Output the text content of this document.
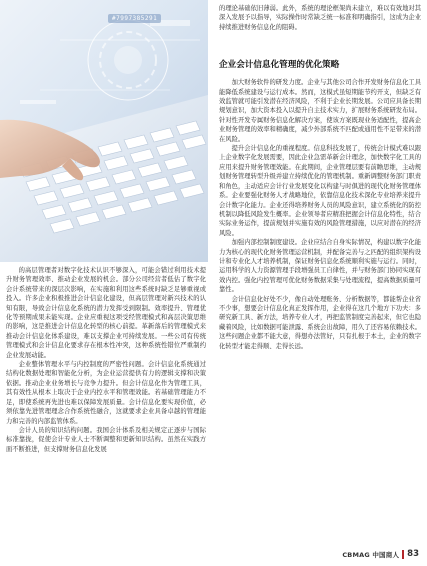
#7997385291

的高层管理者对数字化技术认识不够深入，可能会错过利用技术提升财务管理效率、推动企业发展的机会。部分公司经营者低估了数字化会计系统带来的深层次影响，在实施和利用这些系统时缺乏足够重视或投入。许多企业积极推进会计信息化建设，但高层管理对新兴技术的认知有限，导致会计信息化系统的潜力发挥受到限制。效率提升、管理优化等预期成果未能实现。企业应重视这项受经管理模式和高层决策思维的影响，这是推进会计信息化转型的核心前提。革新落后的管理模式来推动会计信息化体系建设，难以支撑企业可持续发展。一些公司有传统管理模式和会计信息化要求存在根本性冲突，这种系统性错位严重制约企业发展动能。

企业整体管理水平与内控制度的严密性问题。会计信息化系统通过结构化数据处理和智能化分析，为企业运营提供有力的逻辑支撑和决策依据。推动企业业务增长与竞争力提升。但会计信息化作为管理工具，其有效性从根本上取决于企业内控水平和管理效能。若基础管理能力不足，即使系统再先进也难以保障发展质量。会计信息化要实现价值，必须依靠先进管理理念合作系统性融合，这就要求企业具备卓越的管理能力和完善的内部监管体系。

会计人员的知识结构问题。我国会计体系及相关规定正逐步与国际标准靠拢，促使会计专业人士不断调整和更新知识结构。虽然在实践方面不断推进，但支撑财务信息化发展

的理论基础依旧薄弱。此外，系统的理论框架尚未建立，难以有效地对其深入发展予以指导，实际操作时常缺乏统一标准和明确指引，这成为企业持续推进财务信息化的阻碍。

企业会计信息化管理的优化策略

加大财务软件的研发力度。企业与其他公司合作开发财务信息化工具能降低系统建设与运行成本。然而，这模式虽短期能节约开支，但缺乏有效监管就可能引发潜在经济风险，不利于企业长期发展。公司应具备长期规划意识，加大资本投入以提升自主技术实力，扩展财务系统研发布局。针对性开发专属财务信息化解决方案，使该方案既现业务适配性，提高企业财务管理的效率和精确度，减少外部系统不匹配或通用性不足带来的潜在风险。

提升会计信息化的重视程度。信息科技发展了，传统会计模式难以跟上企业数字化发展需要，因此企业急需革新会计理念，加快数字化工具的应用来提升财务管理效能。在此期间，企业管理层要有前瞻思维，主动规划财务管理转型升级并建立持续优化的管理机制。重新调整财务部门职责和角色，主动适应会计行业发展变化以构建与时俱进的现代化财务管理体系。企业要强化财务人才战略地位，依靠信息化技术深化专业培养来提升会计数字化能力。企业还得培养财务人员的风险意识，建立系统化的防控机制以降低风险发生概率。企业领导者应精准把握会计信息化特性，结合实际业务运作，提前规划并实施有效的风险管理措施，以应对潜在的经济风险。

加强内部控制制度建设。企业应结合自身实际情况，构建以数字化能力为核心的现代化财务管理运营机制，并配备完善与之匹配的组织架构设计和专业化人才培养机制，保证财务信息化系统顺利实施与运行。同时，运用科学的人力资源管理手段增强员工自律性，并与财务部门协同实现有效内控。强化内控管理可优化财务数据采集与处理流程，提高数据质量可靠性。

会计信息化好处不少，像自动处理账务、分析数据等，都能帮企业省不少事，想要会计信息化真正发挥作用，企业得在这几个地方下功夫：多研究新工具、新方法，培养专业人才，再把监管制度完善起来，但它也隐藏着风险，比如数据可能泄露、系统会出故障，用久了还容易依赖技术。这些问题企业都不能大意，得想办法管好，只有扎根于本土，企业的数字化转型才能走得顺、走得长远。

CBMAG 中国商人 83
